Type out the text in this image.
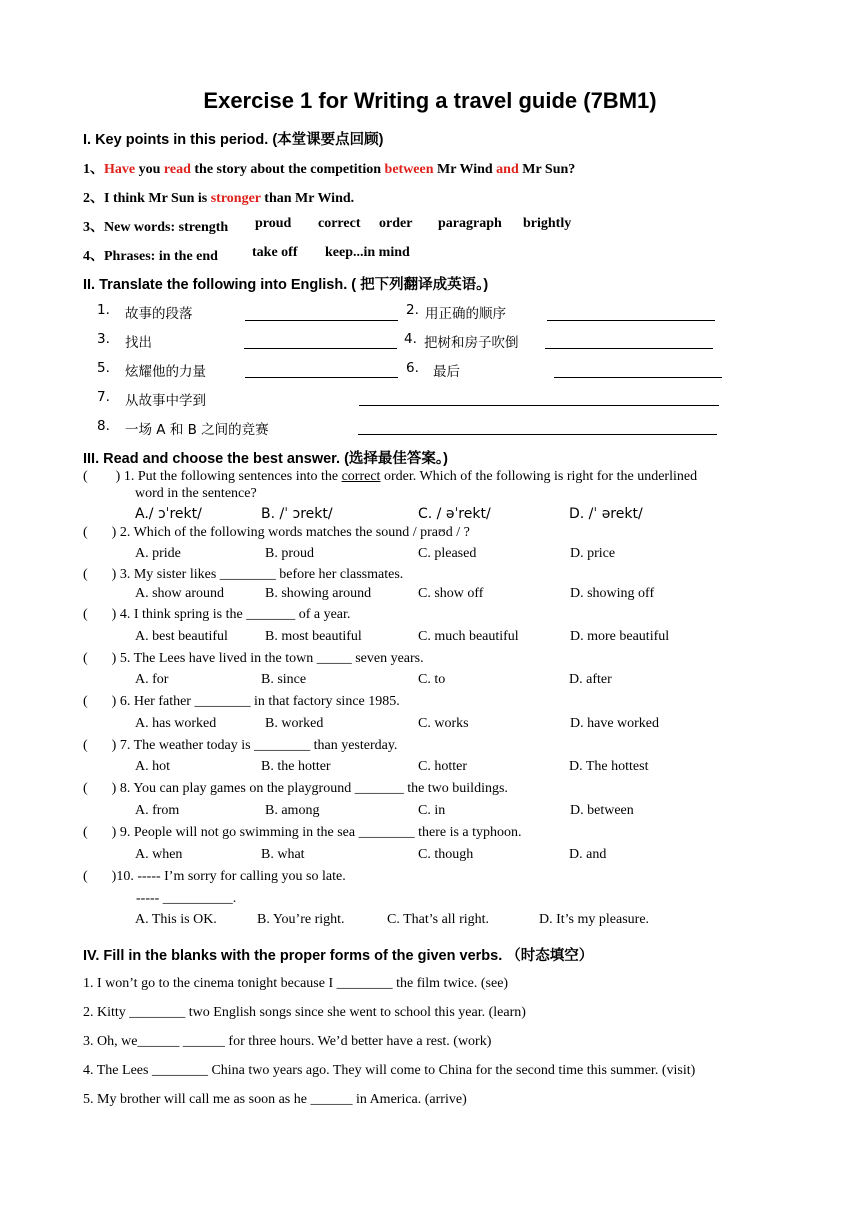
Exercise 1 for Writing a travel guide (7BM1)
I. Key points in this period. (本堂课要点回顾)
1、Have you read the story about the competition between Mr Wind and Mr Sun?
2、I think Mr Sun is stronger than Mr Wind.
3、New words: strength proud correct order paragraph brightly
4、Phrases: in the end take off keep...in mind
II. Translate the following into English. ( 把下列翻译成英语。)
1. 故事的段落	2. 用正确的顺序
3. 找出	4. 把树和房子吹倒
5. 炫耀他的力量	6. 最后
7. 从故事中学到
8. 一场 A 和 B 之间的竞赛
III. Read and choose the best answer. (选择最佳答案。)
( ) 1. Put the following sentences into the correct order. Which of the following is right for the underlined
word in the sentence?
A./ ɔˈrekt/	B. /ˈ ɔrekt/	C. / əˈrekt/	D. /ˈ ərekt/
( ) 2. Which of the following words matches the sound / praʊd / ?
A. pride	B. proud	C. pleased	D. price
( ) 3. My sister likes ________ before her classmates.
A. show around	B. showing around	C. show off	D. showing off
( ) 4. I think spring is the _______ of a year.
A. best beautiful	B. most beautiful	C. much beautiful	D. more beautiful
( ) 5. The Lees have lived in the town _____ seven years.
A. for	B. since	C. to	D. after
( ) 6. Her father ________ in that factory since 1985.
A. has worked	B. worked	C. works	D. have worked
( ) 7. The weather today is ________ than yesterday.
A. hot	B. the hotter	C. hotter	D. The hottest
( ) 8. You can play games on the playground _______ the two buildings.
A. from	B. among	C. in	D. between
( ) 9. People will not go swimming in the sea ________ there is a typhoon.
A. when	B. what	C. though	D. and
( )10. ----- I’m sorry for calling you so late.
----- __________.
A. This is OK.	B. You’re right.	C. That’s all right.	D. It’s my pleasure.
IV. Fill in the blanks with the proper forms of the given verbs. （时态填空）
1. I won’t go to the cinema tonight because I ________ the film twice. (see)
2. Kitty ________ two English songs since she went to school this year. (learn)
3. Oh, we______ ______ for three hours. We’d better have a rest. (work)
4. The Lees ________ China two years ago. They will come to China for the second time this summer. (visit)
5. My brother will call me as soon as he ______ in America. (arrive)
